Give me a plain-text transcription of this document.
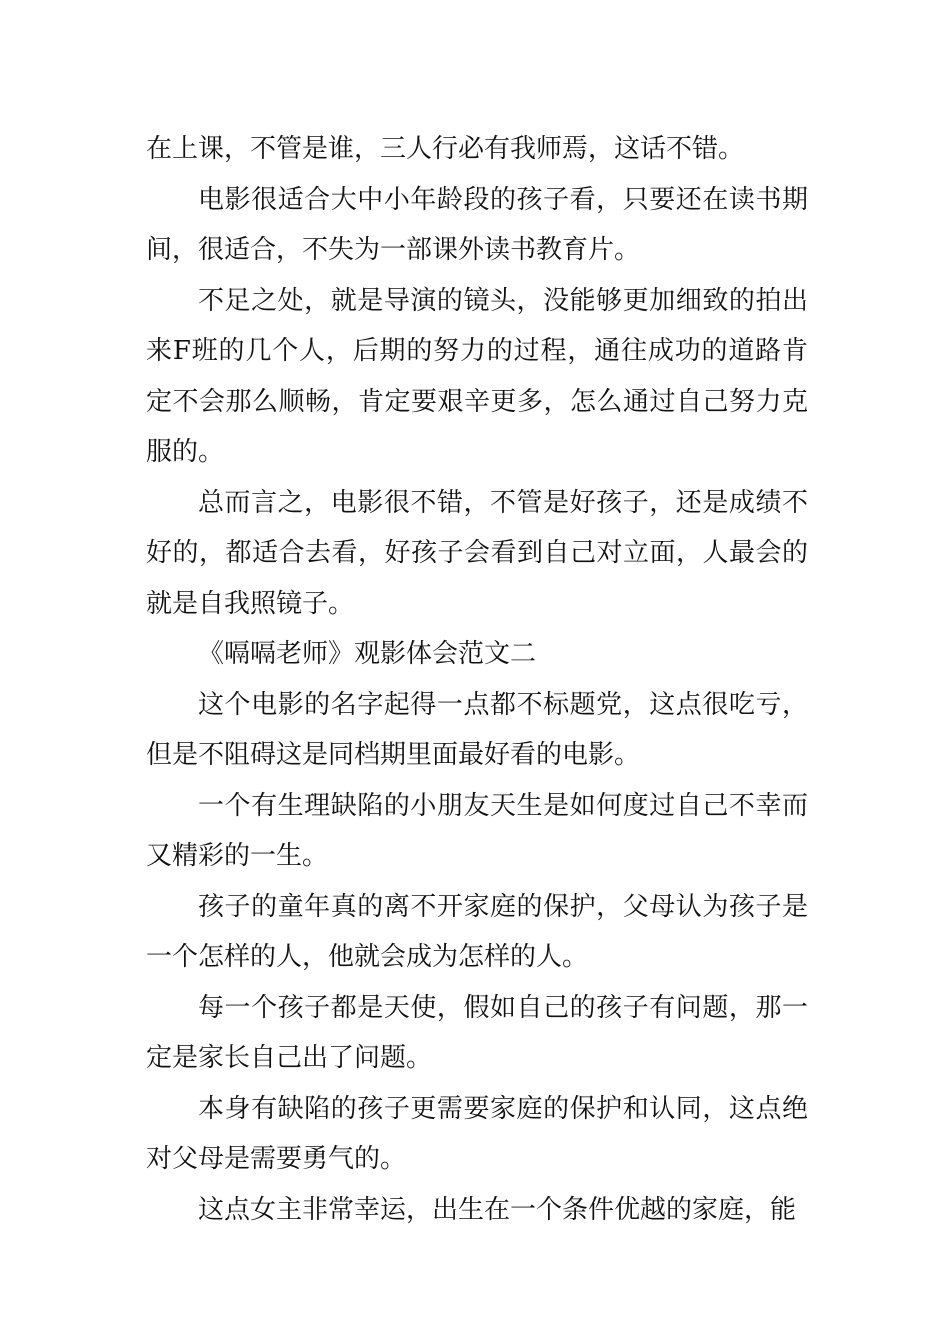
在上课，不管是谁，三人行必有我师焉，这话不错。

电影很适合大中小年龄段的孩子看，只要还在读书期间，很适合，不失为一部课外读书教育片。

不足之处，就是导演的镜头，没能够更加细致的拍出来F班的几个人，后期的努力的过程，通往成功的道路肯定不会那么顺畅，肯定要艰辛更多，怎么通过自己努力克服的。

总而言之，电影很不错，不管是好孩子，还是成绩不好的，都适合去看，好孩子会看到自己对立面，人最会的就是自我照镜子。

《嗝嗝老师》观影体会范文二

这个电影的名字起得一点都不标题党，这点很吃亏，但是不阻碍这是同档期里面最好看的电影。

一个有生理缺陷的小朋友天生是如何度过自己不幸而又精彩的一生。

孩子的童年真的离不开家庭的保护，父母认为孩子是一个怎样的人，他就会成为怎样的人。

每一个孩子都是天使，假如自己的孩子有问题，那一定是家长自己出了问题。

本身有缺陷的孩子更需要家庭的保护和认同，这点绝对父母是需要勇气的。

这点女主非常幸运，出生在一个条件优越的家庭，能
